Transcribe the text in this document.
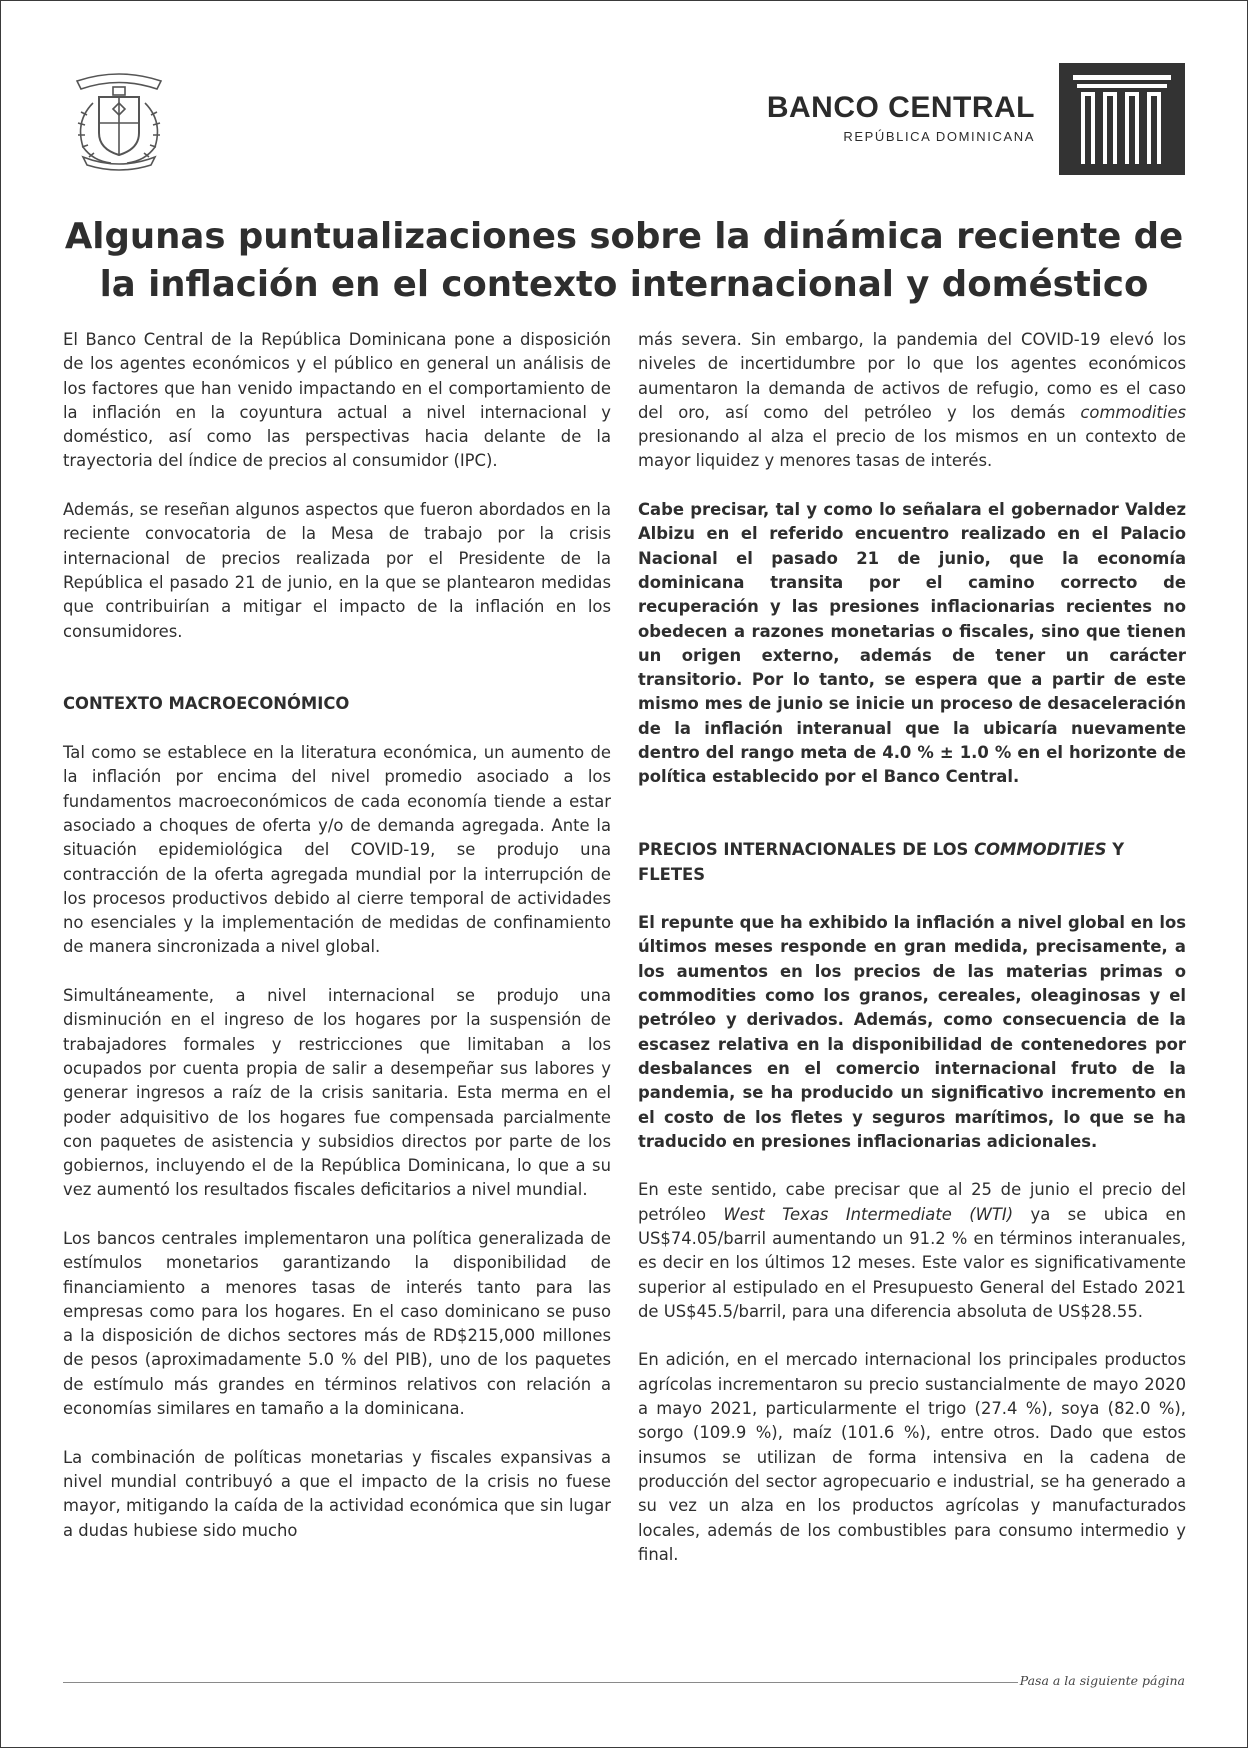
BANCO CENTRAL
REPÚBLICA DOMINICANA
Algunas puntualizaciones sobre la dinámica reciente de la inflación en el contexto internacional y doméstico

El Banco Central de la República Dominicana pone a disposición de los agentes económicos y el público en general un análisis de los factores que han venido impactando en el comportamiento de la inflación en la coyuntura actual a nivel internacional y doméstico, así como las perspectivas hacia delante de la trayectoria del índice de precios al consumidor (IPC).

Además, se reseñan algunos aspectos que fueron abordados en la reciente convocatoria de la Mesa de trabajo por la crisis internacional de precios realizada por el Presidente de la República el pasado 21 de junio, en la que se plantearon medidas que contribuirían a mitigar el impacto de la inflación en los consumidores.

CONTEXTO MACROECONÓMICO

Tal como se establece en la literatura económica, un aumento de la inflación por encima del nivel promedio asociado a los fundamentos macroeconómicos de cada economía tiende a estar asociado a choques de oferta y/o de demanda agregada. Ante la situación epidemiológica del COVID-19, se produjo una contracción de la oferta agregada mundial por la interrupción de los procesos productivos debido al cierre temporal de actividades no esenciales y la implementación de medidas de confinamiento de manera sincronizada a nivel global.

Simultáneamente, a nivel internacional se produjo una disminución en el ingreso de los hogares por la suspensión de trabajadores formales y restricciones que limitaban a los ocupados por cuenta propia de salir a desempeñar sus labores y generar ingresos a raíz de la crisis sanitaria. Esta merma en el poder adquisitivo de los hogares fue compensada parcialmente con paquetes de asistencia y subsidios directos por parte de los gobiernos, incluyendo el de la República Dominicana, lo que a su vez aumentó los resultados fiscales deficitarios a nivel mundial.

Los bancos centrales implementaron una política generalizada de estímulos monetarios garantizando la disponibilidad de financiamiento a menores tasas de interés tanto para las empresas como para los hogares. En el caso dominicano se puso a la disposición de dichos sectores más de RD$215,000 millones de pesos (aproximadamente 5.0 % del PIB), uno de los paquetes de estímulo más grandes en términos relativos con relación a economías similares en tamaño a la dominicana.

La combinación de políticas monetarias y fiscales expansivas a nivel mundial contribuyó a que el impacto de la crisis no fuese mayor, mitigando la caída de la actividad económica que sin lugar a dudas hubiese sido mucho

más severa. Sin embargo, la pandemia del COVID-19 elevó los niveles de incertidumbre por lo que los agentes económicos aumentaron la demanda de activos de refugio, como es el caso del oro, así como del petróleo y los demás commodities presionando al alza el precio de los mismos en un contexto de mayor liquidez y menores tasas de interés.

Cabe precisar, tal y como lo señalara el gobernador Valdez Albizu en el referido encuentro realizado en el Palacio Nacional el pasado 21 de junio, que la economía dominicana transita por el camino correcto de recuperación y las presiones inflacionarias recientes no obedecen a razones monetarias o fiscales, sino que tienen un origen externo, además de tener un carácter transitorio. Por lo tanto, se espera que a partir de este mismo mes de junio se inicie un proceso de desaceleración de la inflación interanual que la ubicaría nuevamente dentro del rango meta de 4.0 % ± 1.0 % en el horizonte de política establecido por el Banco Central.

PRECIOS INTERNACIONALES DE LOS COMMODITIES Y FLETES

El repunte que ha exhibido la inflación a nivel global en los últimos meses responde en gran medida, precisamente, a los aumentos en los precios de las materias primas o commodities como los granos, cereales, oleaginosas y el petróleo y derivados. Además, como consecuencia de la escasez relativa en la disponibilidad de contenedores por desbalances en el comercio internacional fruto de la pandemia, se ha producido un significativo incremento en el costo de los fletes y seguros marítimos, lo que se ha traducido en presiones inflacionarias adicionales.

En este sentido, cabe precisar que al 25 de junio el precio del petróleo West Texas Intermediate (WTI) ya se ubica en US$74.05/barril aumentando un 91.2 % en términos interanuales, es decir en los últimos 12 meses. Este valor es significativamente superior al estipulado en el Presupuesto General del Estado 2021 de US$45.5/barril, para una diferencia absoluta de US$28.55.

En adición, en el mercado internacional los principales productos agrícolas incrementaron su precio sustancialmente de mayo 2020 a mayo 2021, particularmente el trigo (27.4 %), soya (82.0 %), sorgo (109.9 %), maíz (101.6 %), entre otros. Dado que estos insumos se utilizan de forma intensiva en la cadena de producción del sector agropecuario e industrial, se ha generado a su vez un alza en los productos agrícolas y manufacturados locales, además de los combustibles para consumo intermedio y final.

Pasa a la siguiente página
